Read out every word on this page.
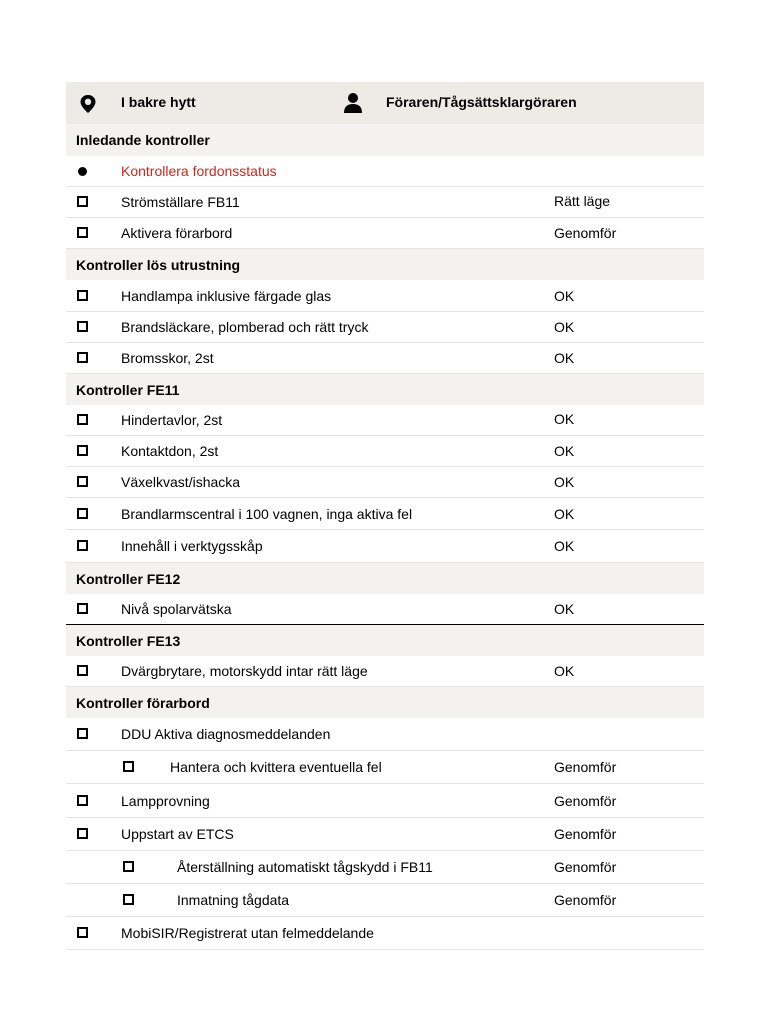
I bakre hytt	Föraren/Tågsättsklargöraren
Inledande kontroller
Kontrollera fordonsstatus
Strömställare FB11	Rätt läge
Aktivera förarbord	Genomför
Kontroller lös utrustning
Handlampa inklusive färgade glas	OK
Brandsläckare, plomberad och rätt tryck	OK
Bromsskor, 2st	OK
Kontroller FE11
Hindertavlor, 2st	OK
Kontaktdon, 2st	OK
Växelkvast/ishacka	OK
Brandlarmscentral i 100 vagnen, inga aktiva fel	OK
Innehåll i verktygsskåp	OK
Kontroller FE12
Nivå spolarvätska	OK
Kontroller FE13
Dvärgbrytare, motorskydd intar rätt läge	OK
Kontroller förarbord
DDU Aktiva diagnosmeddelanden
Hantera och kvittera eventuella fel	Genomför
Lampprovning	Genomför
Uppstart av ETCS	Genomför
Återställning automatiskt tågskydd i FB11	Genomför
Inmatning tågdata	Genomför
MobiSIR/Registrerat utan felmeddelande
